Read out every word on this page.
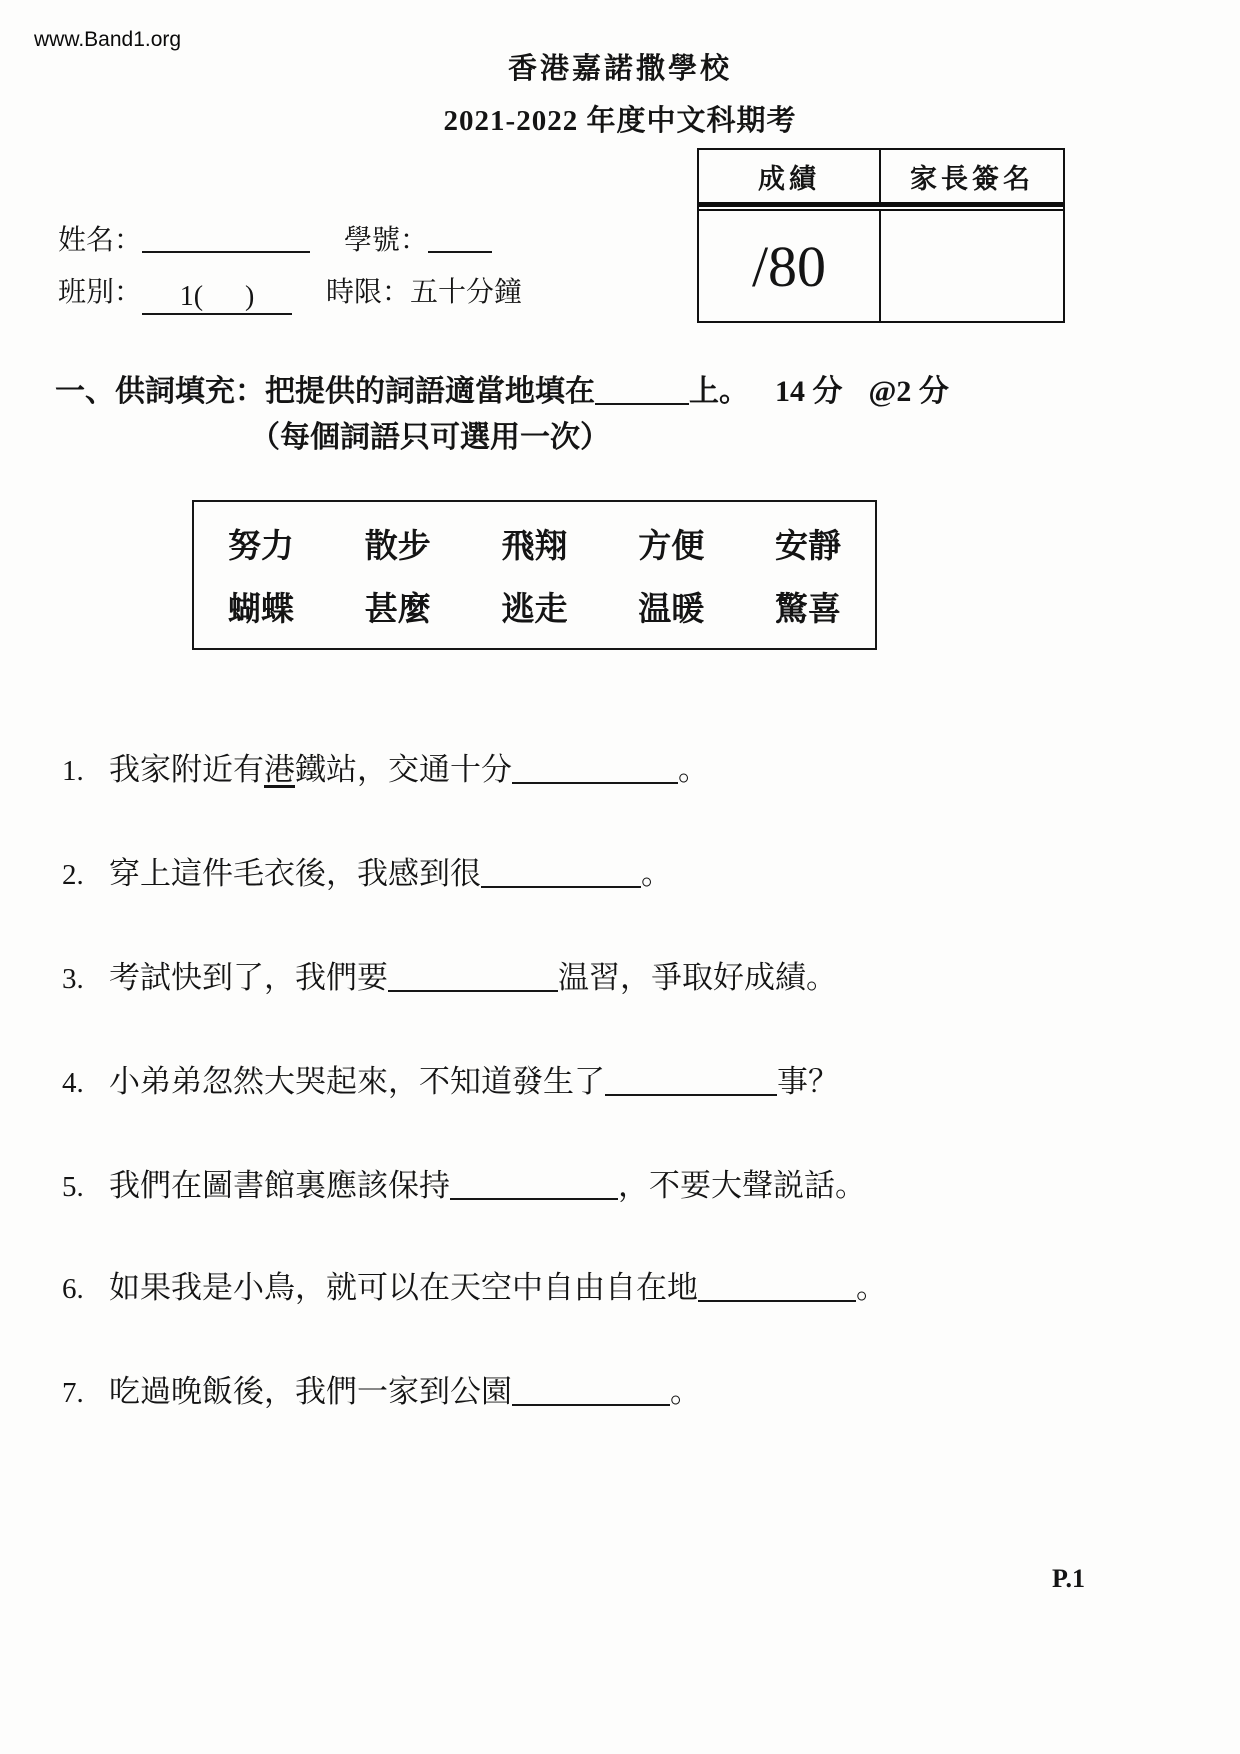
www.Band1.org
香港嘉諾撒學校
2021-2022 年度中文科期考
成績	家長簽名
/80
姓名：	學號：
班別： 1(      )	時限：五十分鐘
一、供詞填充：把提供的詞語適當地填在	上。 14 分 @2 分
（每個詞語只可選用一次）
努力 散步 飛翔 方便 安靜
蝴蝶 甚麼 逃走 温暖 驚喜
1. 我家附近有港鐵站，交通十分	。
2. 穿上這件毛衣後，我感到很	。
3. 考試快到了，我們要	温習，爭取好成績。
4. 小弟弟忽然大哭起來，不知道發生了	事？
5. 我們在圖書館裏應該保持	，不要大聲説話。
6. 如果我是小鳥，就可以在天空中自由自在地	。
7. 吃過晚飯後，我們一家到公園	。
P.1
